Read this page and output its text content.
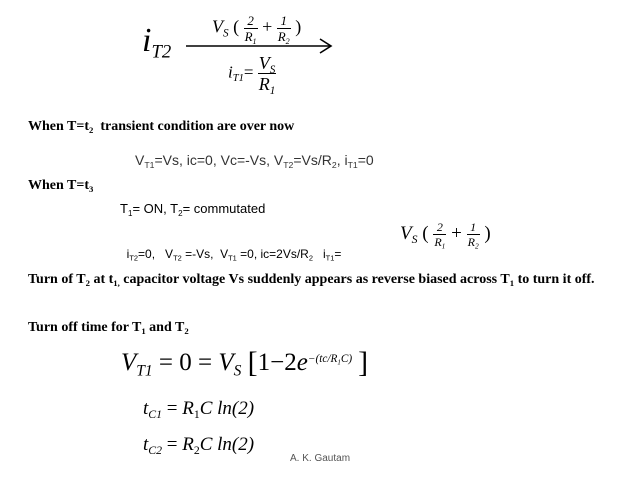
$i_{T2}$
$V_S$ ( $\frac{2}{R_1} + \frac{1}{R_2}$ )
$i_{T1}= \frac{V_S}{R_1}$
When $T=t_2$  transient condition are over now
$V_{T1}=Vs$, ic=0, Vc=-Vs, $V_{T2}=Vs/R_2$, $i_{T1}=0$
When $T=t_3$
$T_1=$ ON, $T_2=$ commutated

$i_{T2}=0$,   $V_{T2} =-Vs$,  $V_{T1} =0$, $ic=2Vs/R_2$   $i_{T1}=$

$V_S$ ( $\frac{2}{R_1} + \frac{1}{R_2}$ )
Turn of $T_2$ at $t_{1,}$ capacitor voltage Vs suddenly appears as reverse biased across $T_1$ to turn it off.
Turn off time for $T_1$ and $T_2$
$V_{T1} = 0 = V_S$ [$1-2e^{-(tc/R_1C)}$ ]
$t_{C1} = R_1C$ ln(2)
$t_{C2} = R_2C$ ln(2)
A. K. Gautam
